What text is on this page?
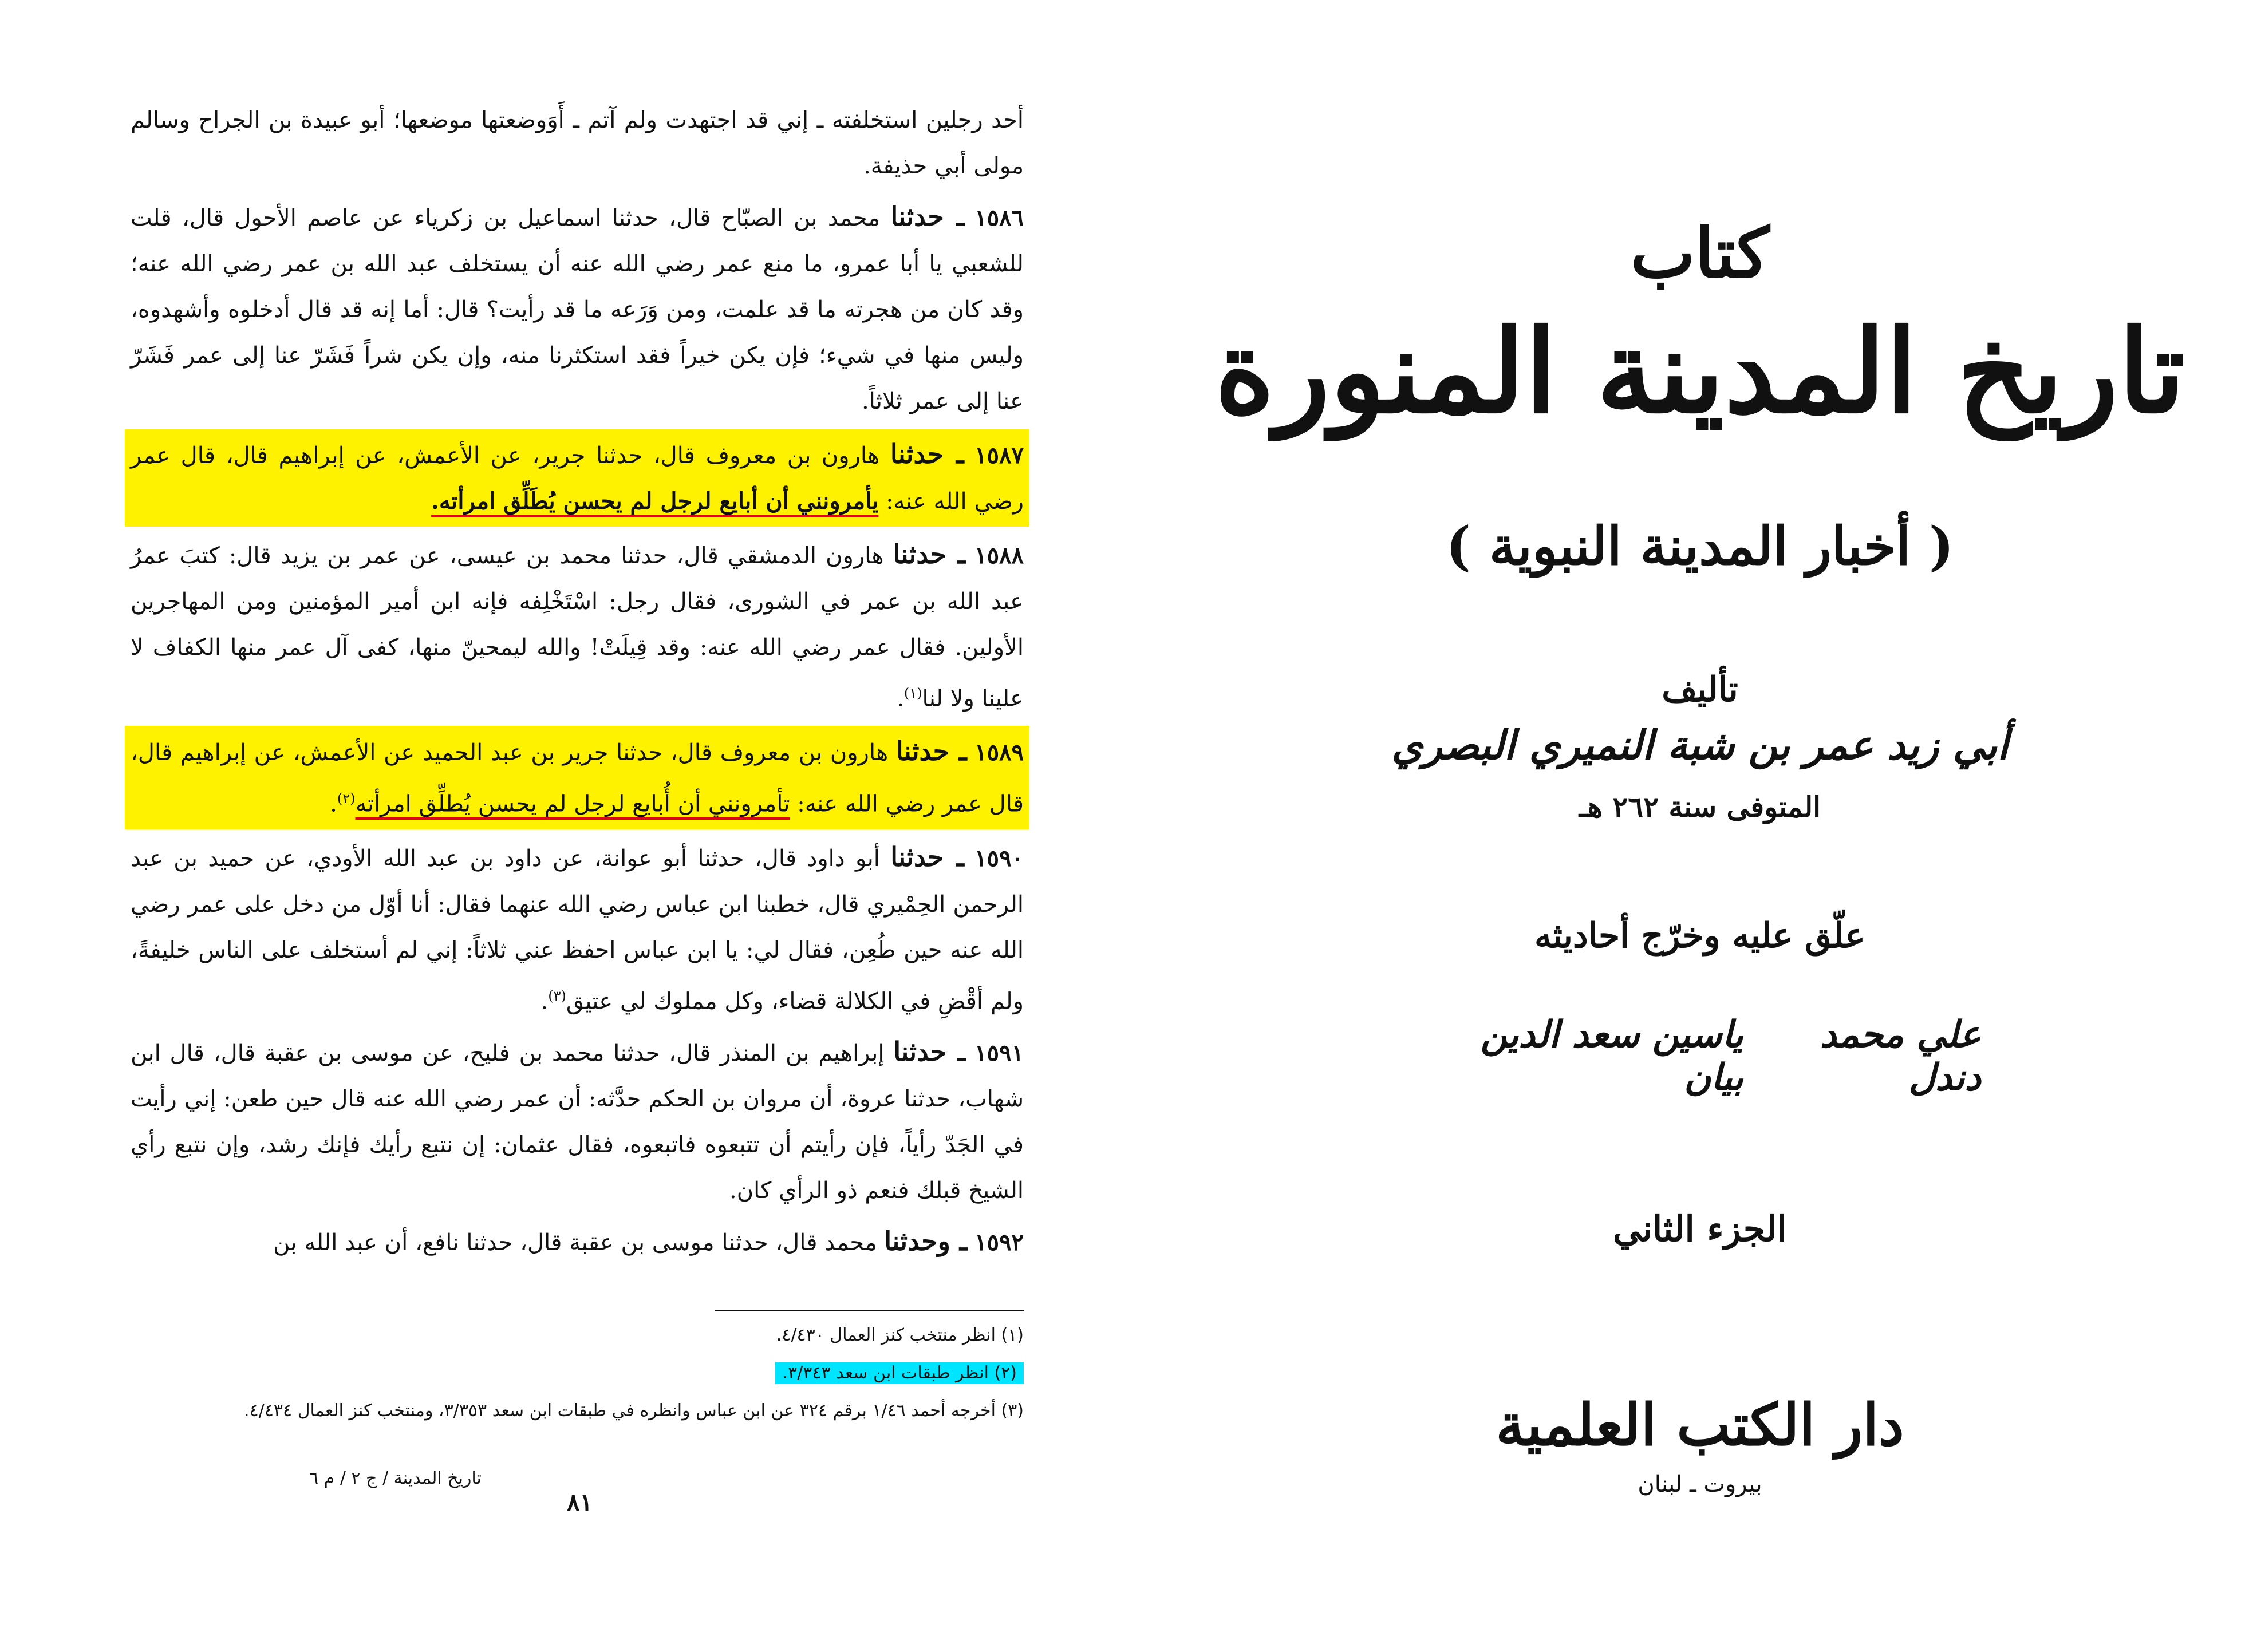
أحد رجلين استخلفته ـ إني قد اجتهدت ولم آتم ـ أَوَوضعتها موضعها؛ أبو عبيدة بن الجراح وسالم مولى أبي حذيفة.

١٥٨٦ ـ حدثنا محمد بن الصبّاح قال، حدثنا اسماعيل بن زكرياء عن عاصم الأحول قال، قلت للشعبي يا أبا عمرو، ما منع عمر رضي الله عنه أن يستخلف عبد الله بن عمر رضي الله عنه؛ وقد كان من هجرته ما قد علمت، ومن وَرَعه ما قد رأيت؟ قال: أما إنه قد قال أدخلوه وأشهدوه، وليس منها في شيء؛ فإن يكن خيراً فقد استكثرنا منه، وإن يكن شراً فَشَرّ عنا إلى عمر فَشَرّ عنا إلى عمر ثلاثاً.

١٥٨٧ ـ حدثنا هارون بن معروف قال، حدثنا جرير، عن الأعمش، عن إبراهيم قال، قال عمر رضي الله عنه: يأمرونني أن أبايع لرجل لم يحسن يُطَلِّق امرأته.

١٥٨٨ ـ حدثنا هارون الدمشقي قال، حدثنا محمد بن عيسى، عن عمر بن يزيد قال: كتبَ عمرُ عبد الله بن عمر في الشورى، فقال رجل: اسْتَخْلِفه فإنه ابن أمير المؤمنين ومن المهاجرين الأولين. فقال عمر رضي الله عنه: وقد قِيلَتْ! والله ليمحينّ منها، كفى آل عمر منها الكفاف لا علينا ولا لنا$^{(١)}$.

١٥٨٩ ـ حدثنا هارون بن معروف قال، حدثنا جرير بن عبد الحميد عن الأعمش، عن إبراهيم قال، قال عمر رضي الله عنه: تأمرونني أن أُبايع لرجل لم يحسن يُطلِّق امرأته$^{(٢)}$.

١٥٩٠ ـ حدثنا أبو داود قال، حدثنا أبو عوانة، عن داود بن عبد الله الأودي، عن حميد بن عبد الرحمن الحِمْيري قال، خطبنا ابن عباس رضي الله عنهما فقال: أنا أوّل من دخل على عمر رضي الله عنه حين طُعِن، فقال لي: يا ابن عباس احفظ عني ثلاثاً: إني لم أستخلف على الناس خليفةً، ولم أقْضِ في الكلالة قضاء، وكل مملوك لي عتيق$^{(٣)}$.

١٥٩١ ـ حدثنا إبراهيم بن المنذر قال، حدثنا محمد بن فليح، عن موسى بن عقبة قال، قال ابن شهاب، حدثنا عروة، أن مروان بن الحكم حدَّثه: أن عمر رضي الله عنه قال حين طعن: إني رأيت في الجَدّ رأياً، فإن رأيتم أن تتبعوه فاتبعوه، فقال عثمان: إن نتبع رأيك فإنك رشد، وإن نتبع رأي الشيخ قبلك فنعم ذو الرأي كان.

١٥٩٢ ـ وحدثنا محمد قال، حدثنا موسى بن عقبة قال، حدثنا نافع، أن عبد الله بن

(١) انظر منتخب كنز العمال ٤/٤٣٠.

(٢) انظر طبقات ابن سعد ٣/٣٤٣.

(٣) أخرجه أحمد ١/٤٦ برقم ٣٢٤ عن ابن عباس وانظره في طبقات ابن سعد ٣/٣٥٣، ومنتخب كنز العمال ٤/٤٣٤.

تاريخ المدينة / ج ٢ / م ٦
٨١
كتاب
تاريخ المدينة المنورة
( أخبار المدينة النبوية )
تأليف
أبي زيد عمر بن شبة النميري البصري
المتوفى سنة ٢٦٢ هـ
علّق عليه وخرّج أحاديثه
علي محمد دندل
ياسين سعد الدين بيان
الجزء الثاني
دار الكتب العلمية
بيروت ـ لبنان
